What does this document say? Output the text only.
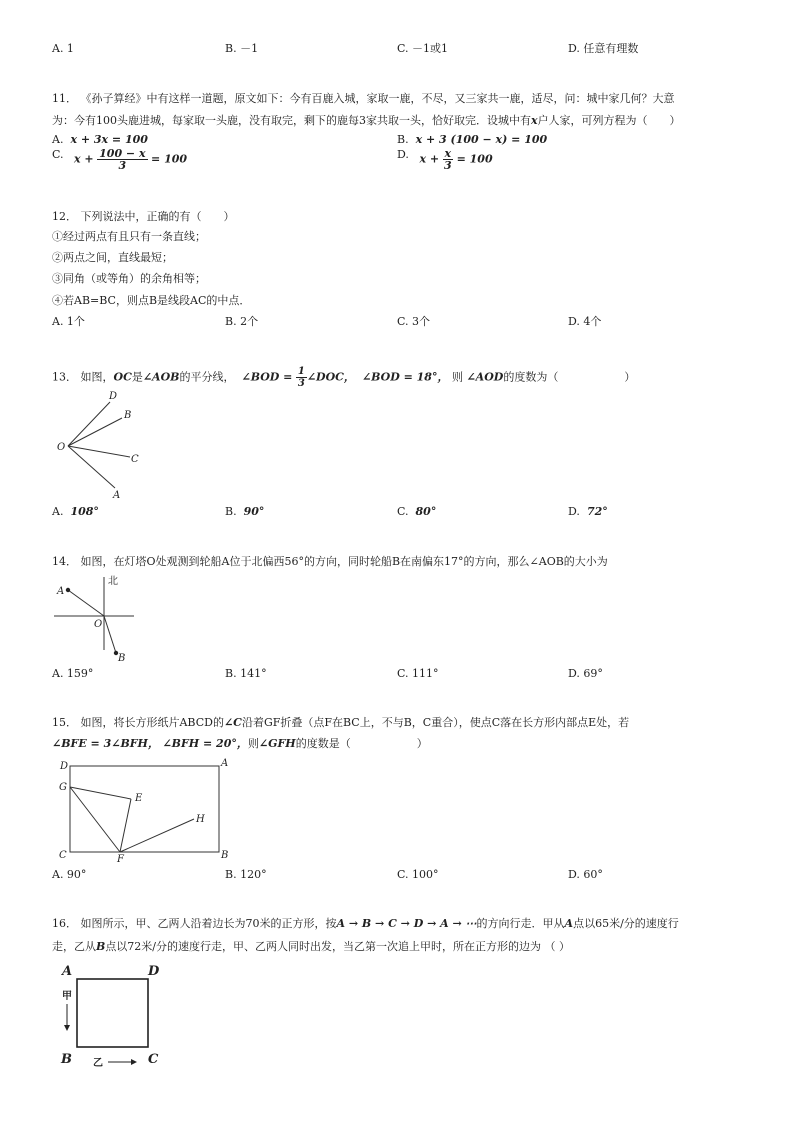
A. 1	B. －1	C. －1或1	D. 任意有理数
11． 《孙子算经》中有这样一道题，原文如下：今有百鹿入城，家取一鹿，不尽，又三家共一鹿，适尽，问：城中家几何？大意
为：今有100头鹿进城，每家取一头鹿，没有取完，剩下的鹿每3家共取一头，恰好取完．设城中有x户人家，可列方程为（　　）
A. x + 3x = 100	B. x + 3 (100 − x) = 100
C. $x + \frac{100 - x}{3} = 100$	D. $x + \frac{x}{3} = 100$
12． 下列说法中，正确的有（　　）
①经过两点有且只有一条直线；
②两点之间，直线最短；
③同角（或等角）的余角相等；
④若AB=BC，则点B是线段AC的中点．
A. 1个	B. 2个	C. 3个	D. 4个
13． 如图，OC是∠AOB的平分线， ∠BOD = $\frac{1}{3}$ ∠DOC， ∠BOD = 18°， 则 ∠AOD的度数为（　　　　　　）
D
B
O
C
A
A. 108°	B. 90°	C. 80°	D. 72°
14． 如图，在灯塔O处观测到轮船A位于北偏西56°的方向，同时轮船B在南偏东17°的方向，那么∠AOB的大小为
北
A
O
B
A. 159°	B. 141°	C. 111°	D. 69°
15． 如图，将长方形纸片ABCD的∠C沿着GF折叠（点F在BC上，不与B，C重合），使点C落在长方形内部点E处，若
∠BFE = 3∠BFH， ∠BFH = 20°，则∠GFH的度数是（　　　　　　）
D	A
G
E
H
C	F	B
A. 90°	B. 120°	C. 100°	D. 60°
16． 如图所示，甲、乙两人沿着边长为70米的正方形，按A → B → C → D → A → ⋯的方向行走．甲从A点以65米/分的速度行
走，乙从B点以72米/分的速度行走，甲、乙两人同时出发，当乙第一次追上甲时，所在正方形的边为 （ ）
A	D
B	C
甲
乙
